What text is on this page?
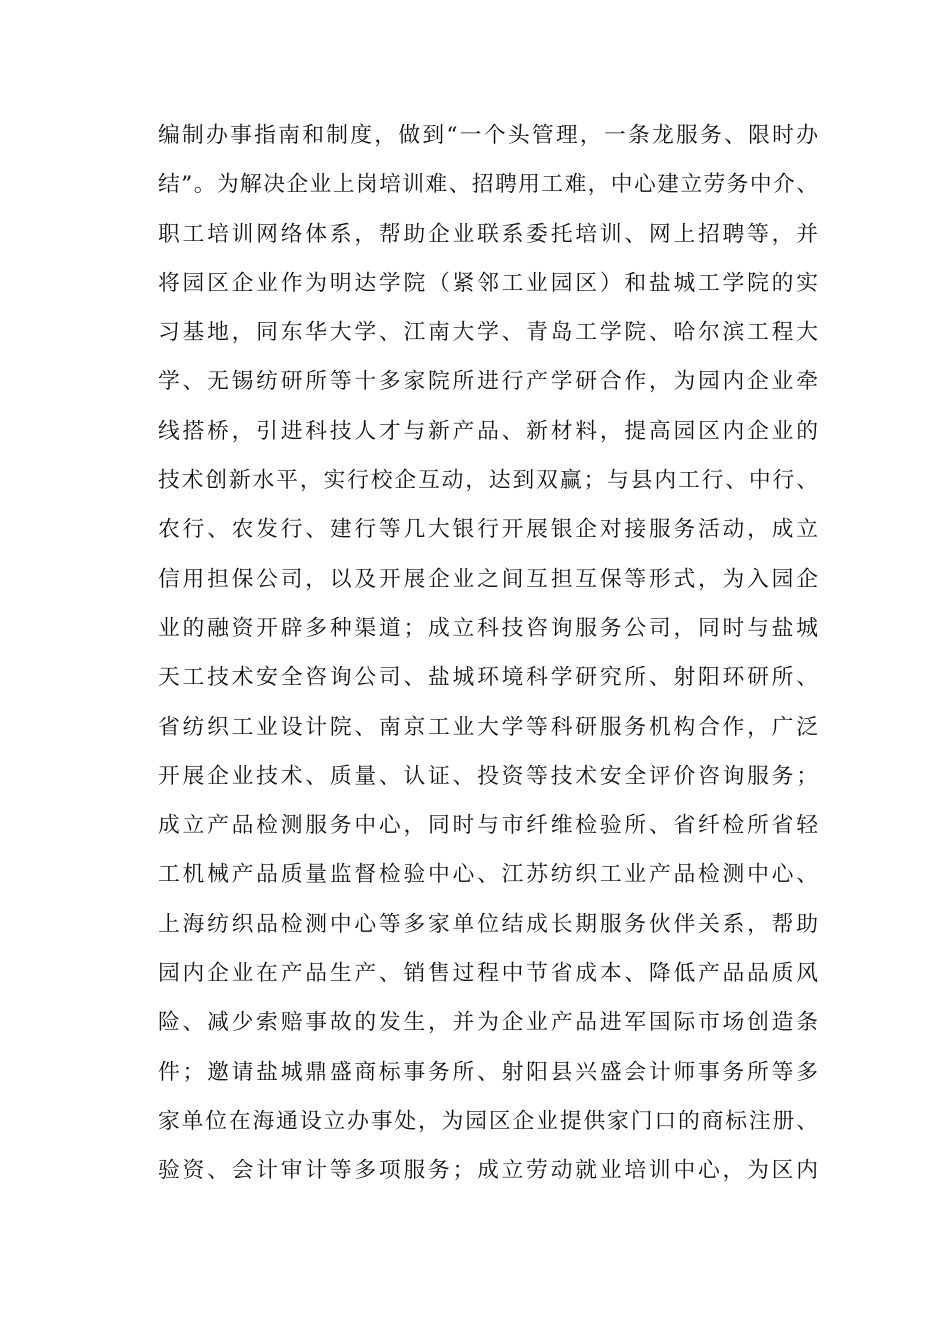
编制办事指南和制度，做到“一个头管理，一条龙服务、限时办
结”。为解决企业上岗培训难、招聘用工难，中心建立劳务中介、
职工培训网络体系，帮助企业联系委托培训、网上招聘等，并
将园区企业作为明达学院（紧邻工业园区）和盐城工学院的实
习基地，同东华大学、江南大学、青岛工学院、哈尔滨工程大
学、无锡纺研所等十多家院所进行产学研合作，为园内企业牵
线搭桥，引进科技人才与新产品、新材料，提高园区内企业的
技术创新水平，实行校企互动，达到双赢；与县内工行、中行、
农行、农发行、建行等几大银行开展银企对接服务活动，成立
信用担保公司，以及开展企业之间互担互保等形式，为入园企
业的融资开辟多种渠道；成立科技咨询服务公司，同时与盐城
天工技术安全咨询公司、盐城环境科学研究所、射阳环研所、
省纺织工业设计院、南京工业大学等科研服务机构合作，广泛
开展企业技术、质量、认证、投资等技术安全评价咨询服务；
成立产品检测服务中心，同时与市纤维检验所、省纤检所省轻
工机械产品质量监督检验中心、江苏纺织工业产品检测中心、
上海纺织品检测中心等多家单位结成长期服务伙伴关系，帮助
园内企业在产品生产、销售过程中节省成本、降低产品品质风
险、减少索赔事故的发生，并为企业产品进军国际市场创造条
件；邀请盐城鼎盛商标事务所、射阳县兴盛会计师事务所等多
家单位在海通设立办事处，为园区企业提供家门口的商标注册、
验资、会计审计等多项服务；成立劳动就业培训中心，为区内
